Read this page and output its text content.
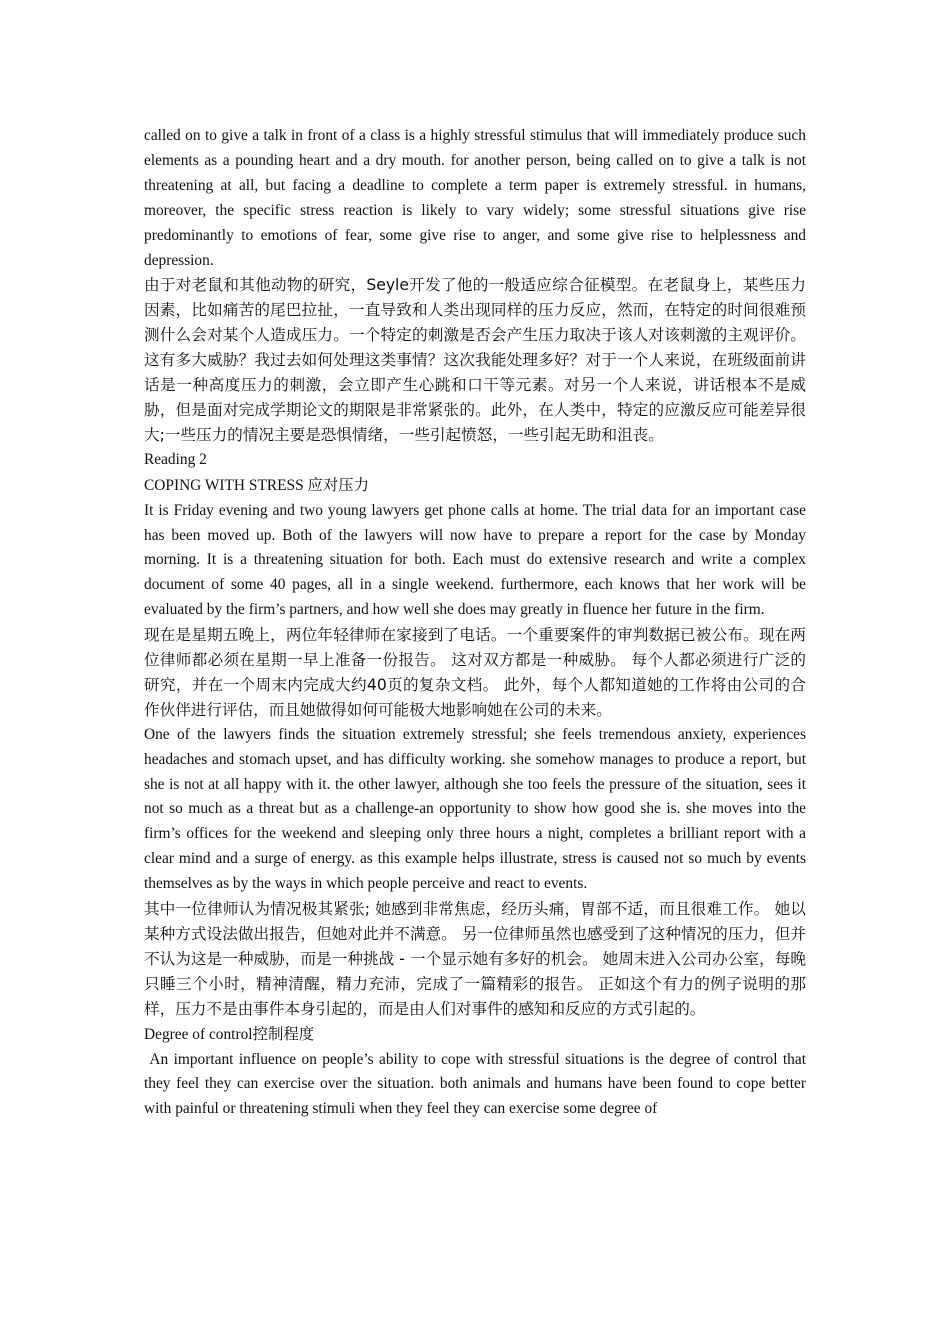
called on to give a talk in front of a class is a highly stressful stimulus that will immediately produce such elements as a pounding heart and a dry mouth. for another person, being called on to give a talk is not threatening at all, but facing a deadline to complete a term paper is extremely stressful. in humans, moreover, the specific stress reaction is likely to vary widely; some stressful situations give rise predominantly to emotions of fear, some give rise to anger, and some give rise to helplessness and depression.

由于对老鼠和其他动物的研究，Seyle开发了他的一般适应综合征模型。在老鼠身上，某些压力因素，比如痛苦的尾巴拉扯，一直导致和人类出现同样的压力反应，然而，在特定的时间很难预测什么会对某个人造成压力。一个特定的刺激是否会产生压力取决于该人对该刺激的主观评价。这有多大威胁？我过去如何处理这类事情？这次我能处理多好？对于一个人来说，在班级面前讲话是一种高度压力的刺激，会立即产生心跳和口干等元素。对另一个人来说，讲话根本不是威胁，但是面对完成学期论文的期限是非常紧张的。此外，在人类中，特定的应激反应可能差异很大;一些压力的情况主要是恐惧情绪，一些引起愤怒，一些引起无助和沮丧。

Reading 2

COPING WITH STRESS 应对压力

It is Friday evening and two young lawyers get phone calls at home. The trial data for an important case has been moved up. Both of the lawyers will now have to prepare a report for the case by Monday morning. It is a threatening situation for both. Each must do extensive research and write a complex document of some 40 pages, all in a single weekend. furthermore, each knows that her work will be evaluated by the firm’s partners, and how well she does may greatly in fluence her future in the firm.

现在是星期五晚上，两位年轻律师在家接到了电话。一个重要案件的审判数据已被公布。现在两位律师都必须在星期一早上准备一份报告。 这对双方都是一种威胁。 每个人都必须进行广泛的研究，并在一个周末内完成大约40页的复杂文档。 此外，每个人都知道她的工作将由公司的合作伙伴进行评估，而且她做得如何可能极大地影响她在公司的未来。

One of the lawyers finds the situation extremely stressful; she feels tremendous anxiety, experiences headaches and stomach upset, and has difficulty working. she somehow manages to produce a report, but she is not at all happy with it. the other lawyer, although she too feels the pressure of the situation, sees it not so much as a threat but as a challenge-an opportunity to show how good she is. she moves into the firm’s offices for the weekend and sleeping only three hours a night, completes a brilliant report with a clear mind and a surge of energy. as this example helps illustrate, stress is caused not so much by events themselves as by the ways in which people perceive and react to events.

其中一位律师认为情况极其紧张; 她感到非常焦虑，经历头痛，胃部不适，而且很难工作。 她以某种方式设法做出报告，但她对此并不满意。 另一位律师虽然也感受到了这种情况的压力，但并不认为这是一种威胁，而是一种挑战 - 一个显示她有多好的机会。 她周末进入公司办公室，每晚只睡三个小时，精神清醒，精力充沛，完成了一篇精彩的报告。 正如这个有力的例子说明的那样，压力不是由事件本身引起的，而是由人们对事件的感知和反应的方式引起的。

Degree of control控制程度

An important influence on people’s ability to cope with stressful situations is the degree of control that they feel they can exercise over the situation. both animals and humans have been found to cope better with painful or threatening stimuli when they feel they can exercise some degree of
